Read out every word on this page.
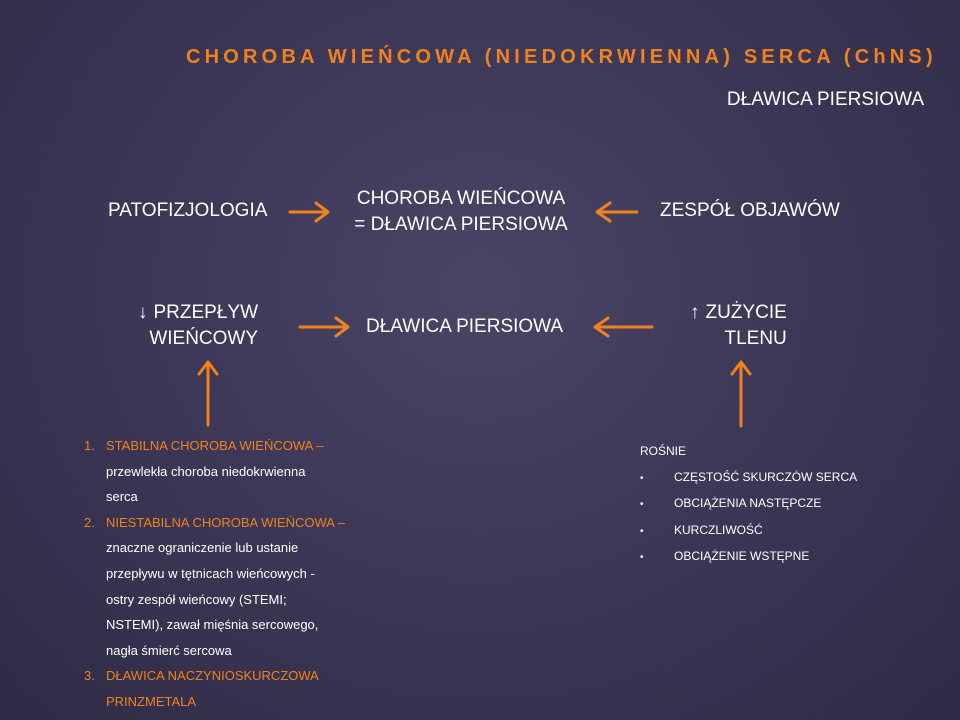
CHOROBA WIEŃCOWA (NIEDOKRWIENNA) SERCA (ChNS)
DŁAWICA PIERSIOWA
PATOFIZJOLOGIA
CHOROBA WIEŃCOWA
= DŁAWICA PIERSIOWA
ZESPÓŁ OBJAWÓW
↓ PRZEPŁYW
WIEŃCOWY
DŁAWICA PIERSIOWA
↑ ZUŻYCIE
TLENU
1. STABILNA CHOROBA WIEŃCOWA –
przewlekła choroba niedokrwienna
serca
2. NIESTABILNA CHOROBA WIEŃCOWA –
znaczne ograniczenie lub ustanie
przepływu w tętnicach wieńcowych -
ostry zespół wieńcowy (STEMI;
NSTEMI), zawał mięśnia sercowego,
nagła śmierć sercowa
3. DŁAWICA NACZYNIOSKURCZOWA
PRINZMETALA
ROŚNIE
•	CZĘSTOŚĆ SKURCZÓW SERCA
•	OBCIĄŻENIA NASTĘPCZE
•	KURCZLIWOŚĆ
•	OBCIĄŻENIE WSTĘPNE
